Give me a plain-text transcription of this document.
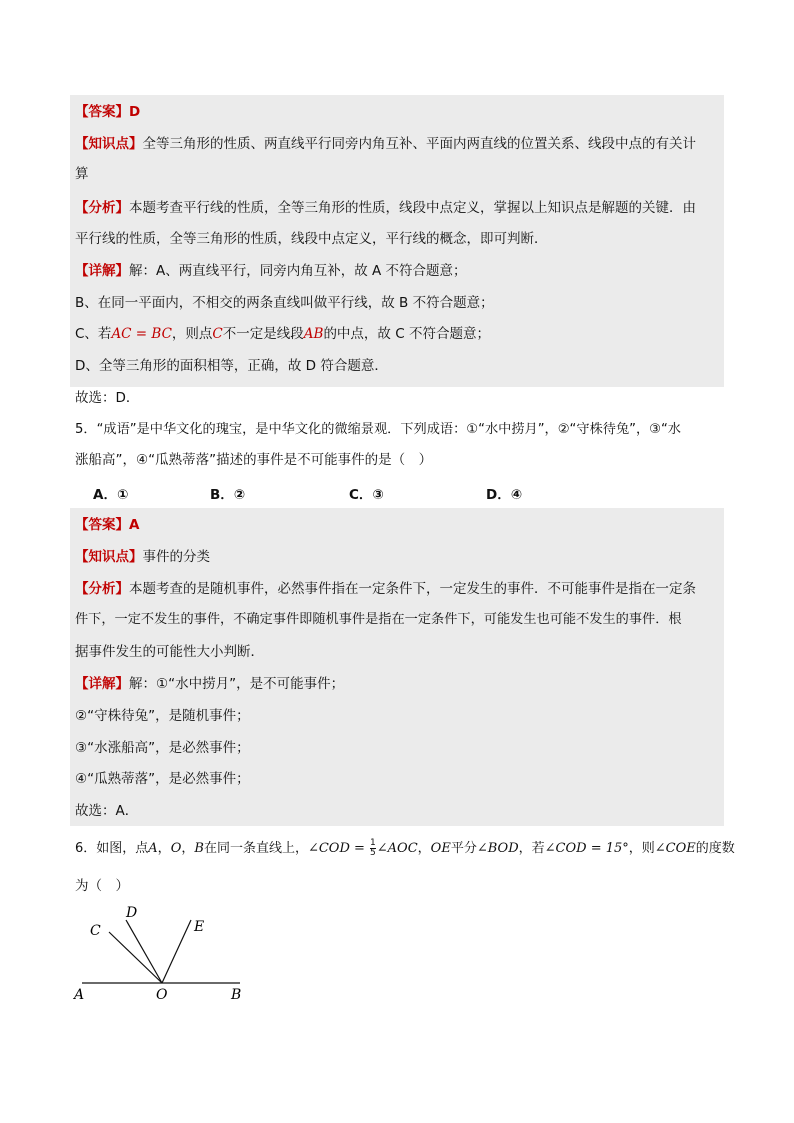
【答案】D
【知识点】全等三角形的性质、两直线平行同旁内角互补、平面内两直线的位置关系、线段中点的有关计
算
【分析】本题考查平行线的性质，全等三角形的性质，线段中点定义，掌握以上知识点是解题的关键．由
平行线的性质，全等三角形的性质，线段中点定义，平行线的概念，即可判断．
【详解】解：A、两直线平行，同旁内角互补，故 A 不符合题意；
B、在同一平面内，不相交的两条直线叫做平行线，故 B 不符合题意；
C、若AC = BC，则点C不一定是线段AB的中点，故 C 不符合题意；
D、全等三角形的面积相等，正确，故 D 符合题意．
故选：D．
5．“成语”是中华文化的瑰宝，是中华文化的微缩景观．下列成语：①“水中捞月”，②“守株待兔”，③“水
涨船高”，④“瓜熟蒂落”描述的事件是不可能事件的是（　）
A．①	B．②	C．③	D．④
【答案】A
【知识点】事件的分类
【分析】本题考查的是随机事件，必然事件指在一定条件下，一定发生的事件．不可能事件是指在一定条
件下，一定不发生的事件，不确定事件即随机事件是指在一定条件下，可能发生也可能不发生的事件．根
据事件发生的可能性大小判断．
【详解】解：①“水中捞月”，是不可能事件；
②“守株待兔”，是随机事件；
③“水涨船高”，是必然事件；
④“瓜熟蒂落”，是必然事件；
故选：A．
6．如图，点A，O，B在同一条直线上，∠COD = $\frac{1}{5}$ ∠AOC，OE平分∠BOD，若∠COD = 15°，则∠COE的度数
为（　）
A	O	B
C
D
E
